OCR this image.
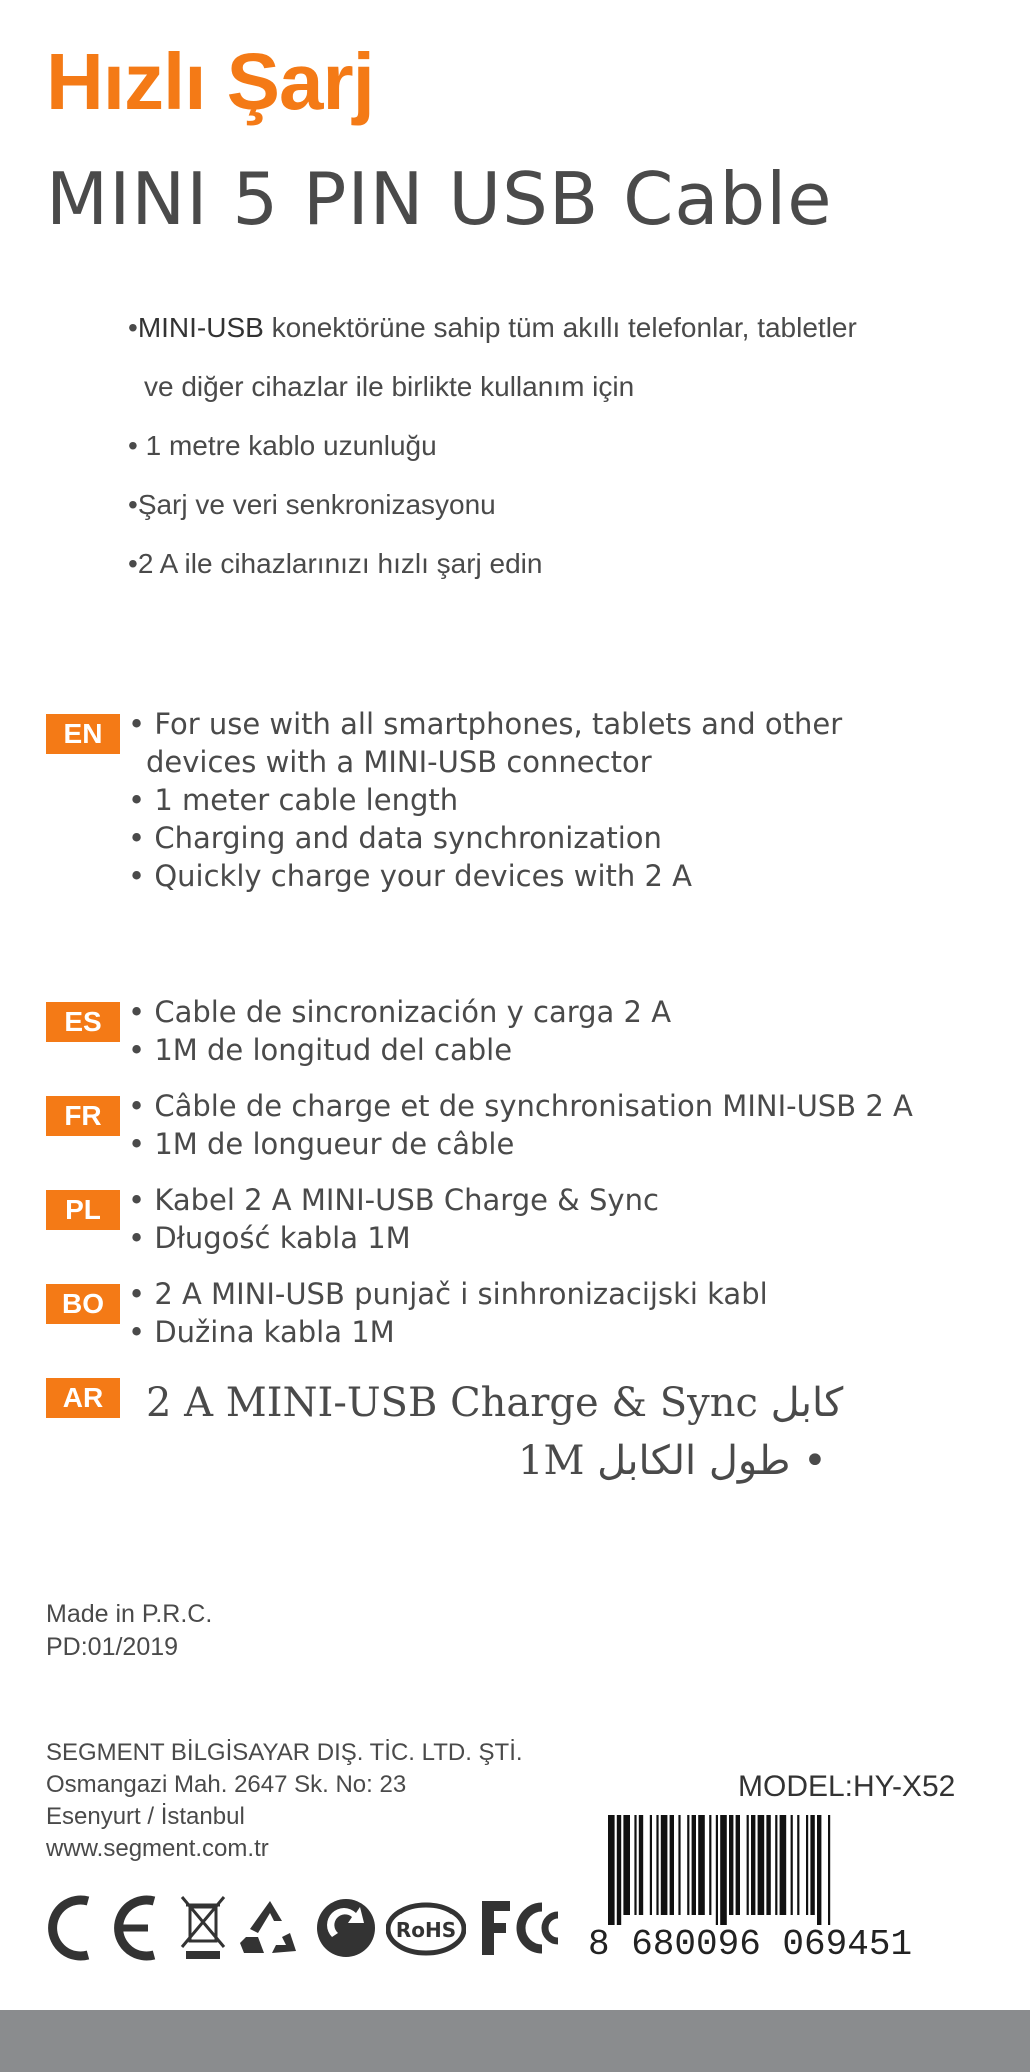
Hızlı Şarj
MINI 5 PIN USB Cable
•MINI-USB konektörüne sahip tüm akıllı telefonlar, tabletler
ve diğer cihazlar ile birlikte kullanım için
• 1 metre kablo uzunluğu
•Şarj ve veri senkronizasyonu
•2 A ile cihazlarınızı hızlı şarj edin
EN • For use with all smartphones, tablets and other
devices with a MINI-USB connector
• 1 meter cable length
• Charging and data synchronization
• Quickly charge your devices with 2 A
ES • Cable de sincronización y carga 2 A
• 1M de longitud del cable
FR • Câble de charge et de synchronisation MINI-USB 2 A
• 1M de longueur de câble
PL • Kabel 2 A MINI-USB Charge & Sync
• Długość kabla 1M
BO • 2 A MINI-USB punjač i sinhronizacijski kabl
• Dužina kabla 1M
AR	2 A MINI-USB Charge & Sync كابل
1M طول الكابل •
Made in P.R.C.
PD:01/2019
SEGMENT BİLGİSAYAR DIŞ. TİC. LTD. ŞTİ.
Osmangazi Mah. 2647 Sk. No: 23
Esenyurt / İstanbul
www.segment.com.tr
MODEL:HY-X52
8 680096 069451
RoHS
